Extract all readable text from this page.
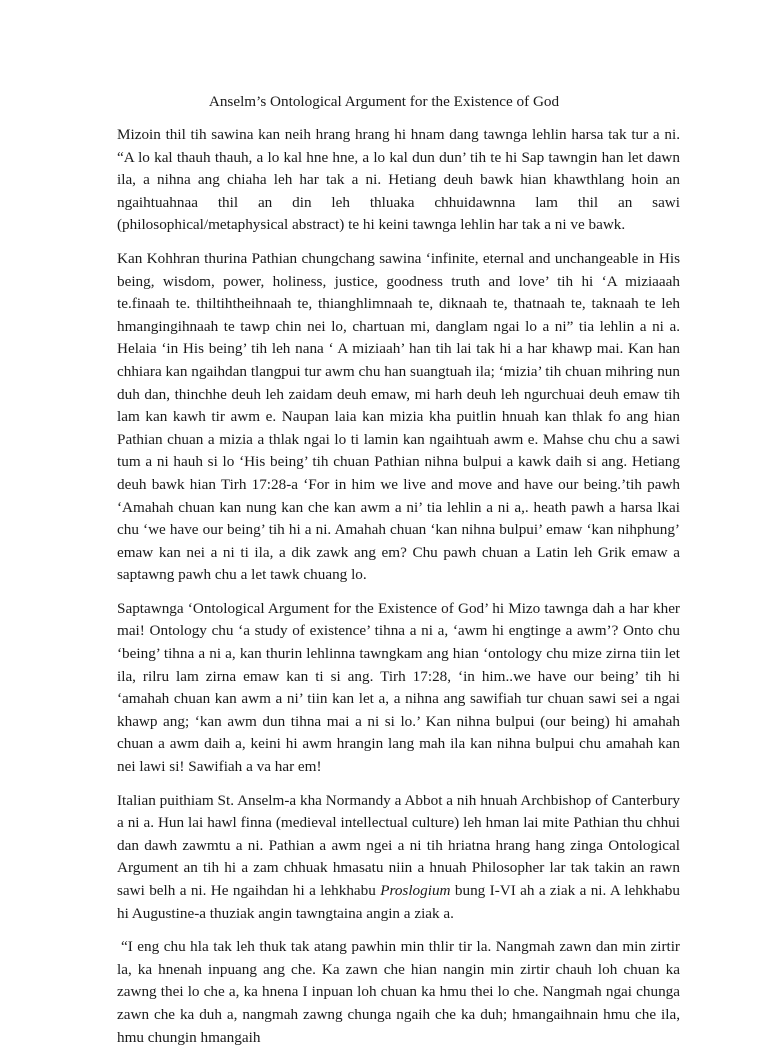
Anselm’s Ontological Argument for the Existence of God

Mizoin thil tih sawina kan neih hrang hrang hi hnam dang tawnga lehlin harsa tak tur a ni. “A lo kal thauh thauh, a lo kal hne hne, a lo kal dun dun’ tih te hi Sap tawngin han let dawn ila, a nihna ang chiaha leh har tak a ni. Hetiang deuh bawk hian khawthlang hoin an ngaihtuahnaa thil an din leh thluaka chhuidawnna lam thil an sawi (philosophical/metaphysical abstract) te hi keini tawnga lehlin har tak a ni ve bawk.

Kan Kohhran thurina Pathian chungchang sawina ‘infinite, eternal and unchangeable in His being, wisdom, power, holiness, justice, goodness truth and love’ tih hi ‘A miziaaah te.finaah te. thiltihtheihnaah te, thianghlimnaah te, diknaah te, thatnaah te, taknaah te leh hmangingihnaah te tawp chin nei lo, chartuan mi, danglam ngai lo a ni” tia lehlin a ni a. Helaia ‘in His being’ tih leh nana ‘ A miziaah’ han tih lai tak hi a har khawp mai. Kan han chhiara kan ngaihdan tlangpui tur awm chu han suangtuah ila; ‘mizia’ tih chuan mihring nun duh dan, thinchhe deuh leh zaidam deuh emaw, mi harh deuh leh ngurchuai deuh emaw tih lam kan kawh tir awm e. Naupan laia kan mizia kha puitlin hnuah kan thlak fo ang hian Pathian chuan a mizia a thlak ngai lo ti lamin kan ngaihtuah awm e. Mahse chu chu a sawi tum a ni hauh si lo ‘His being’ tih chuan Pathian nihna bulpui a kawk daih si ang. Hetiang deuh bawk hian Tirh 17:28-a ‘For in him we live and move and have our being.’tih pawh ‘Amahah chuan kan nung kan che kan awm a ni’ tia lehlin a ni a,. heath pawh a harsa lkai chu ‘we have our being’ tih hi a ni. Amahah chuan ‘kan nihna bulpui’ emaw ‘kan nihphung’ emaw kan nei a ni ti ila, a dik zawk ang em? Chu pawh chuan a Latin leh Grik emaw a saptawng pawh chu a let tawk chuang lo.

Saptawnga ‘Ontological Argument for the Existence of God’ hi Mizo tawnga dah a har kher mai! Ontology chu ‘a study of existence’ tihna a ni a, ‘awm hi engtinge a awm’? Onto chu ‘being’ tihna a ni a, kan thurin lehlinna tawngkam ang hian ‘ontology chu mize zirna tiin let ila, rilru lam zirna emaw kan ti si ang. Tirh 17:28, ‘in him..we have our being’ tih hi ‘amahah chuan kan awm a ni’ tiin kan let a, a nihna ang sawifiah tur chuan sawi sei a ngai khawp ang; ‘kan awm dun tihna mai a ni si lo.’ Kan nihna bulpui (our being) hi amahah chuan a awm daih a, keini hi awm hrangin lang mah ila kan nihna bulpui chu amahah kan nei lawi si! Sawifiah a va har em!

Italian puithiam St. Anselm-a kha Normandy a Abbot a nih hnuah Archbishop of Canterbury a ni a. Hun lai hawl finna (medieval intellectual culture) leh hman lai mite Pathian thu chhui dan dawh zawmtu a ni. Pathian a awm ngei a ni tih hriatna hrang hang zinga Ontological Argument an tih hi a zam chhuak hmasatu niin a hnuah Philosopher lar tak takin an rawn sawi belh a ni. He ngaihdan hi a lehkhabu Proslogium bung I-VI ah a ziak a ni. A lehkhabu hi Augustine-a thuziak angin tawngtaina angin a ziak a.

“I eng chu hla tak leh thuk tak atang pawhin min thlir tir la. Nangmah zawn dan min zirtir la, ka hnenah inpuang ang che. Ka zawn che hian nangin min zirtir chauh loh chuan ka zawng thei lo che a, ka hnena I inpuan loh chuan ka hmu thei lo che. Nangmah ngai chunga zawn che ka duh a, nangmah zawng chunga ngaih che ka duh; hmangaihnain hmu che ila, hmu chungin hmangaih
